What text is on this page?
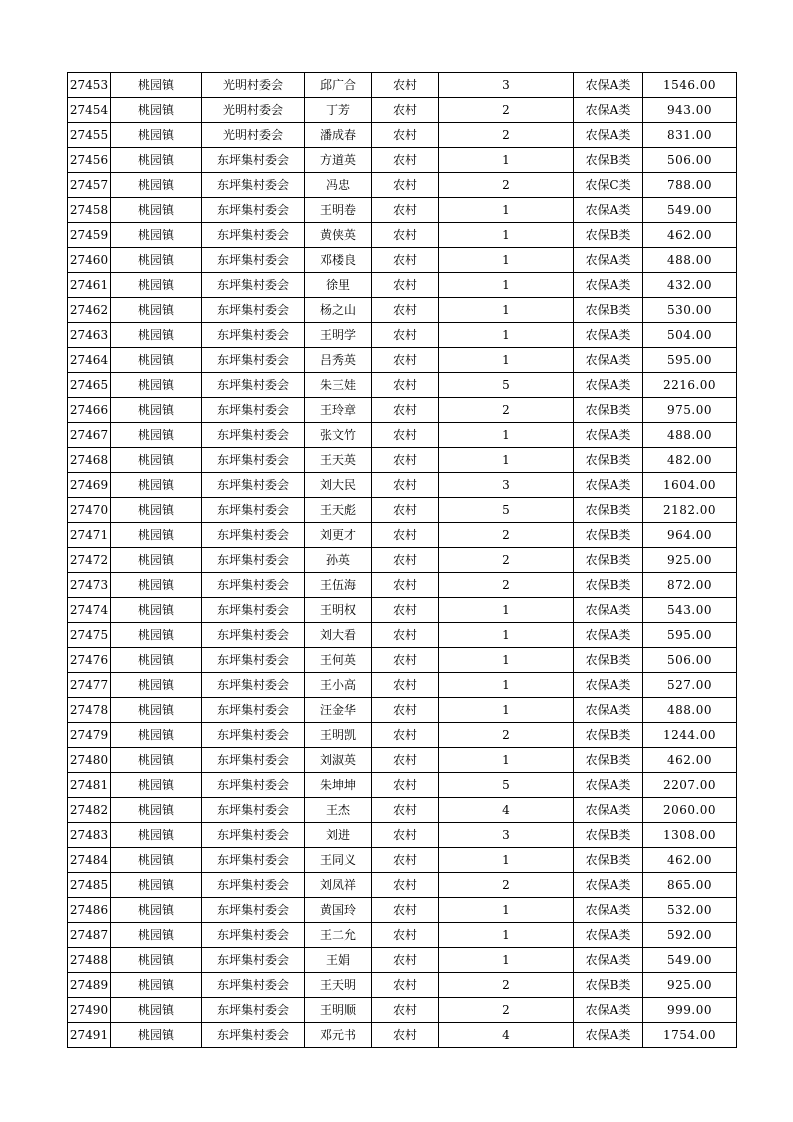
27453	桃园镇	光明村委会	邱广合	农村	3	农保A类	1546.00
27454	桃园镇	光明村委会	丁芳	农村	2	农保A类	943.00
27455	桃园镇	光明村委会	潘成春	农村	2	农保A类	831.00
27456	桃园镇	东坪集村委会	方道英	农村	1	农保B类	506.00
27457	桃园镇	东坪集村委会	冯忠	农村	2	农保C类	788.00
27458	桃园镇	东坪集村委会	王明卷	农村	1	农保A类	549.00
27459	桃园镇	东坪集村委会	黄侠英	农村	1	农保B类	462.00
27460	桃园镇	东坪集村委会	邓楼良	农村	1	农保A类	488.00
27461	桃园镇	东坪集村委会	徐里	农村	1	农保A类	432.00
27462	桃园镇	东坪集村委会	杨之山	农村	1	农保B类	530.00
27463	桃园镇	东坪集村委会	王明学	农村	1	农保A类	504.00
27464	桃园镇	东坪集村委会	吕秀英	农村	1	农保A类	595.00
27465	桃园镇	东坪集村委会	朱三娃	农村	5	农保A类	2216.00
27466	桃园镇	东坪集村委会	王玲章	农村	2	农保B类	975.00
27467	桃园镇	东坪集村委会	张文竹	农村	1	农保A类	488.00
27468	桃园镇	东坪集村委会	王天英	农村	1	农保B类	482.00
27469	桃园镇	东坪集村委会	刘大民	农村	3	农保A类	1604.00
27470	桃园镇	东坪集村委会	王天彪	农村	5	农保B类	2182.00
27471	桃园镇	东坪集村委会	刘更才	农村	2	农保B类	964.00
27472	桃园镇	东坪集村委会	孙英	农村	2	农保B类	925.00
27473	桃园镇	东坪集村委会	王伍海	农村	2	农保B类	872.00
27474	桃园镇	东坪集村委会	王明权	农村	1	农保A类	543.00
27475	桃园镇	东坪集村委会	刘大看	农村	1	农保A类	595.00
27476	桃园镇	东坪集村委会	王何英	农村	1	农保B类	506.00
27477	桃园镇	东坪集村委会	王小高	农村	1	农保A类	527.00
27478	桃园镇	东坪集村委会	汪金华	农村	1	农保A类	488.00
27479	桃园镇	东坪集村委会	王明凯	农村	2	农保B类	1244.00
27480	桃园镇	东坪集村委会	刘淑英	农村	1	农保B类	462.00
27481	桃园镇	东坪集村委会	朱坤坤	农村	5	农保A类	2207.00
27482	桃园镇	东坪集村委会	王杰	农村	4	农保A类	2060.00
27483	桃园镇	东坪集村委会	刘进	农村	3	农保B类	1308.00
27484	桃园镇	东坪集村委会	王同义	农村	1	农保B类	462.00
27485	桃园镇	东坪集村委会	刘凤祥	农村	2	农保A类	865.00
27486	桃园镇	东坪集村委会	黄国玲	农村	1	农保A类	532.00
27487	桃园镇	东坪集村委会	王二允	农村	1	农保A类	592.00
27488	桃园镇	东坪集村委会	王娟	农村	1	农保A类	549.00
27489	桃园镇	东坪集村委会	王天明	农村	2	农保B类	925.00
27490	桃园镇	东坪集村委会	王明顺	农村	2	农保A类	999.00
27491	桃园镇	东坪集村委会	邓元书	农村	4	农保A类	1754.00
